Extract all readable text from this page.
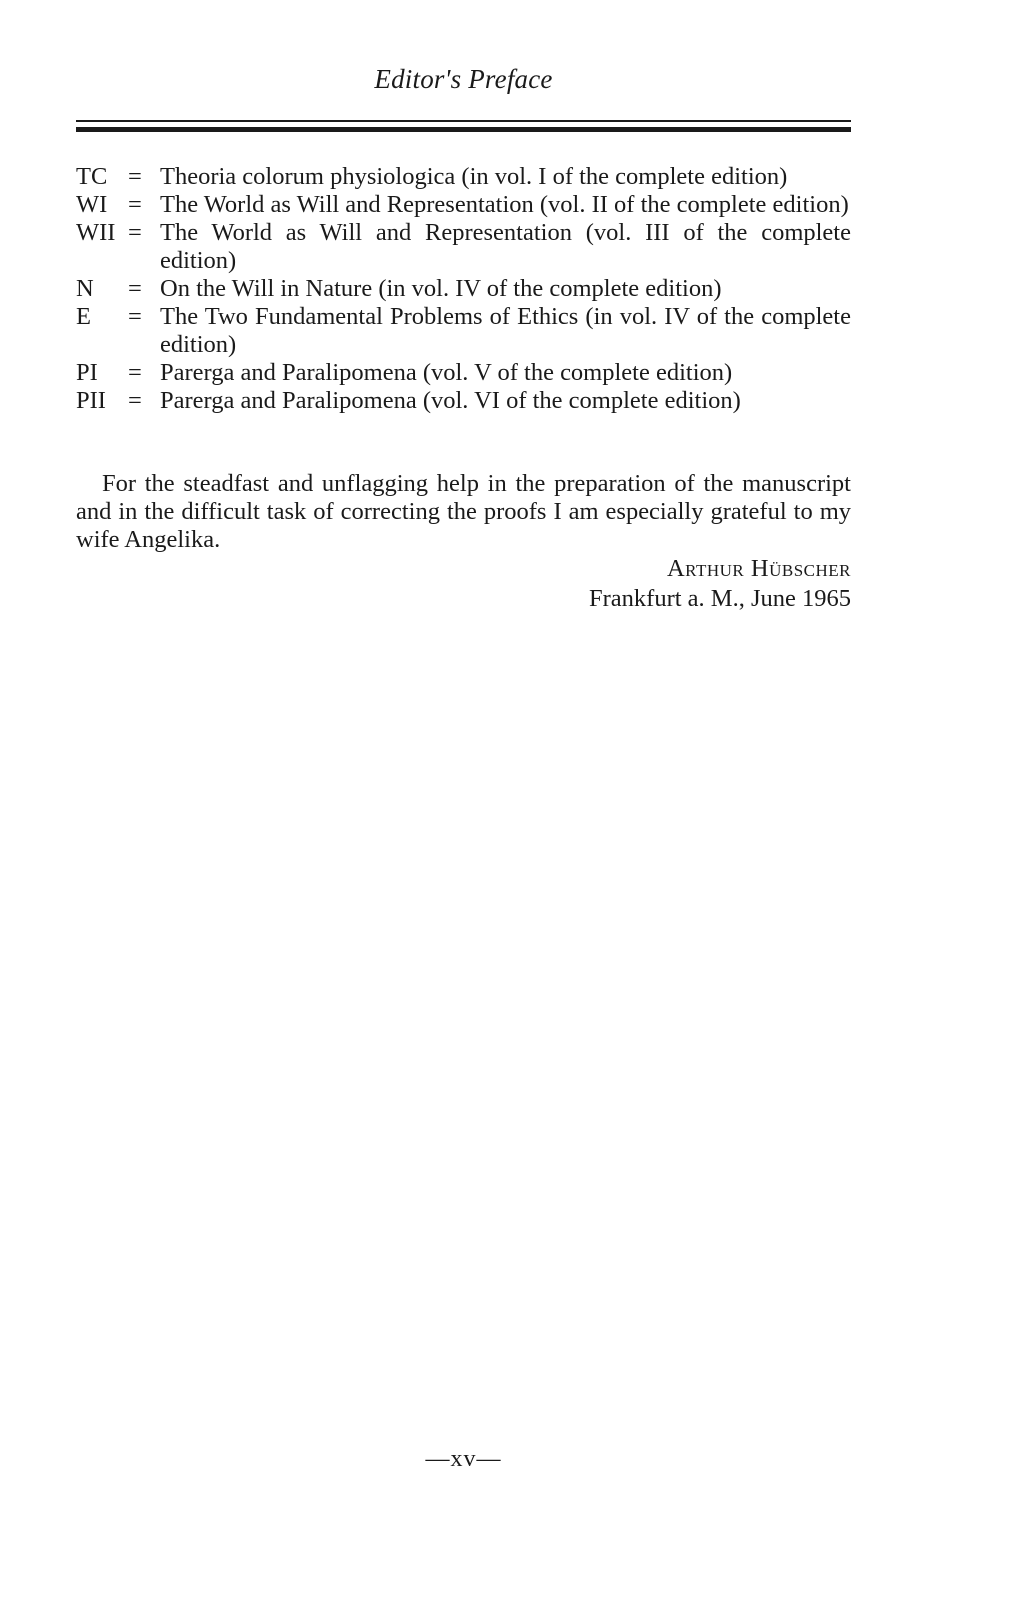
Editor's Preface
TC = Theoria colorum physiologica (in vol. I of the complete edition)
WI = The World as Will and Representation (vol. II of the complete edition)
WII = The World as Will and Representation (vol. III of the complete edition)
N	= On the Will in Nature (in vol. IV of the complete edition)
E	= The Two Fundamental Problems of Ethics (in vol. IV of the complete edition)
PI	= Parerga and Paralipomena (vol. V of the complete edition)
PII = Parerga and Paralipomena (vol. VI of the complete edition)

For the steadfast and unflagging help in the preparation of the manuscript and in the difficult task of correcting the proofs I am especially grateful to my wife Angelika.

Arthur Hübscher
Frankfurt a. M., June 1965
—xv—
